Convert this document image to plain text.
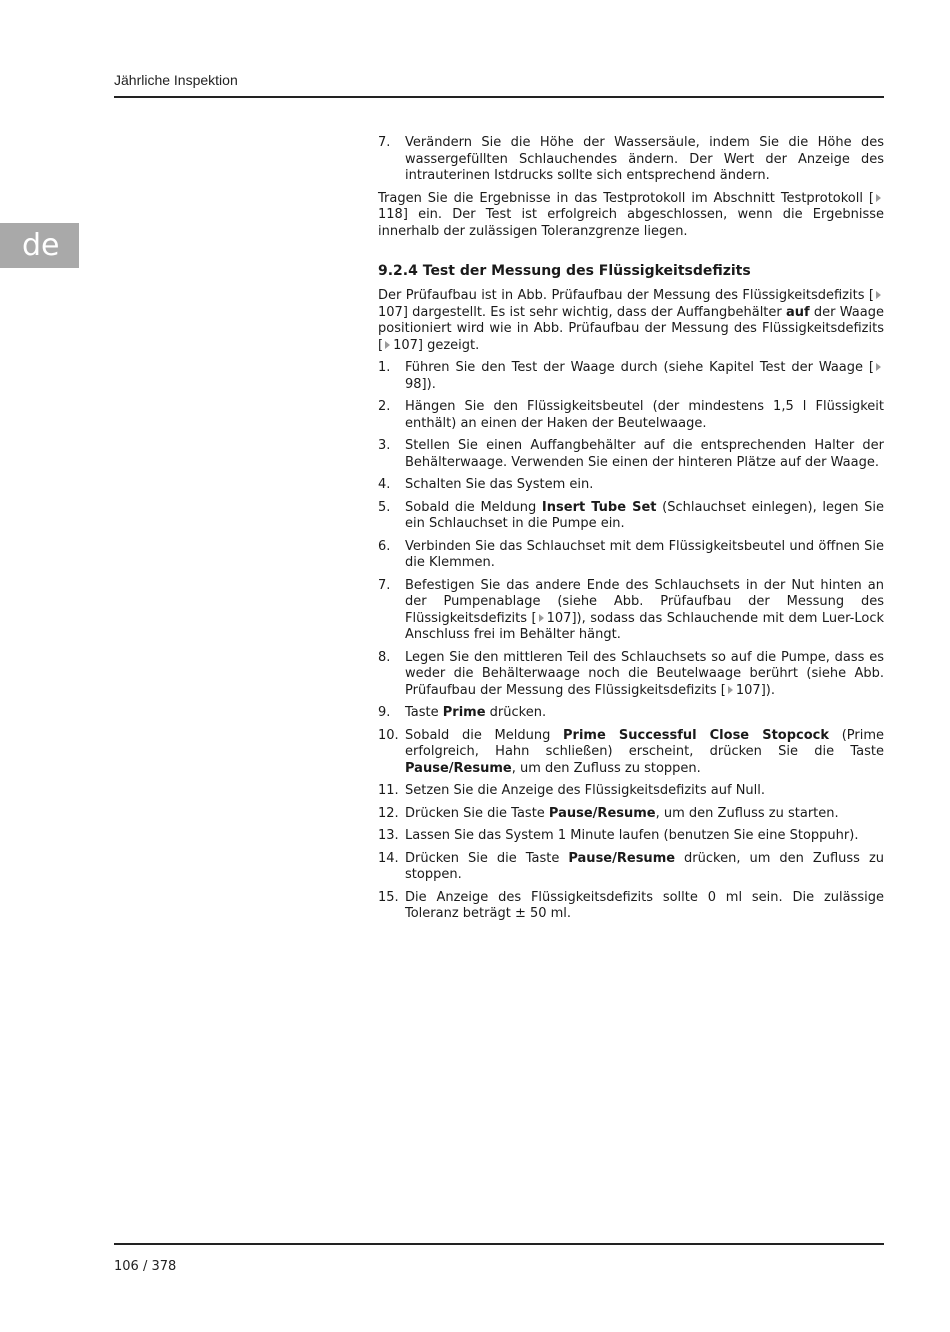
Jährliche Inspektion
de
7.	Verändern Sie die Höhe der Wassersäule, indem Sie die Höhe des wassergefüllten Schlauchendes ändern. Der Wert der Anzeige des intrauterinen Istdrucks sollte sich entsprechend ändern.

Tragen Sie die Ergebnisse in das Testprotokoll im Abschnitt Testprotokoll [118] ein. Der Test ist erfolgreich abgeschlossen, wenn die Ergebnisse innerhalb der zulässigen Toleranzgrenze liegen.

9.2.4 Test der Messung des Flüssigkeitsdefizits

Der Prüfaufbau ist in Abb. Prüfaufbau der Messung des Flüssigkeitsdefizits [107] dargestellt. Es ist sehr wichtig, dass der Auffangbehälter auf der Waage positioniert wird wie in Abb. Prüfaufbau der Messung des Flüssigkeitsdefizits [ 107] gezeigt.

1.	Führen Sie den Test der Waage durch (siehe Kapitel Test der Waage [98]).
2.	Hängen Sie den Flüssigkeitsbeutel (der mindestens 1,5 l Flüssigkeit enthält) an einen der Haken der Beutelwaage.
3.	Stellen Sie einen Auffangbehälter auf die entsprechenden Halter der Behälterwaage. Verwenden Sie einen der hinteren Plätze auf der Waage.
4.	Schalten Sie das System ein.
5.	Sobald die Meldung Insert Tube Set (Schlauchset einlegen), legen Sie ein Schlauchset in die Pumpe ein.
6.	Verbinden Sie das Schlauchset mit dem Flüssigkeitsbeutel und öffnen Sie die Klemmen.
7.	Befestigen Sie das andere Ende des Schlauchsets in der Nut hinten an der Pumpenablage (siehe Abb. Prüfaufbau der Messung des Flüssigkeitsdefizits [ 107]), sodass das Schlauchende mit dem Luer-Lock Anschluss frei im Behälter hängt.
8.	Legen Sie den mittleren Teil des Schlauchsets so auf die Pumpe, dass es weder die Behälterwaage noch die Beutelwaage berührt (siehe Abb. Prüfaufbau der Messung des Flüssigkeitsdefizits [ 107]).
9.	Taste Prime drücken.
10. Sobald die Meldung Prime Successful Close Stopcock (Prime erfolgreich, Hahn schließen) erscheint, drücken Sie die Taste Pause/Resume, um den Zufluss zu stoppen.
11. Setzen Sie die Anzeige des Flüssigkeitsdefizits auf Null.
12. Drücken Sie die Taste Pause/Resume, um den Zufluss zu starten.
13. Lassen Sie das System 1 Minute laufen (benutzen Sie eine Stoppuhr).
14. Drücken Sie die Taste Pause/Resume drücken, um den Zufluss zu stoppen.
15. Die Anzeige des Flüssigkeitsdefizits sollte 0 ml sein. Die zulässige Toleranz beträgt ± 50 ml.
106 / 378
